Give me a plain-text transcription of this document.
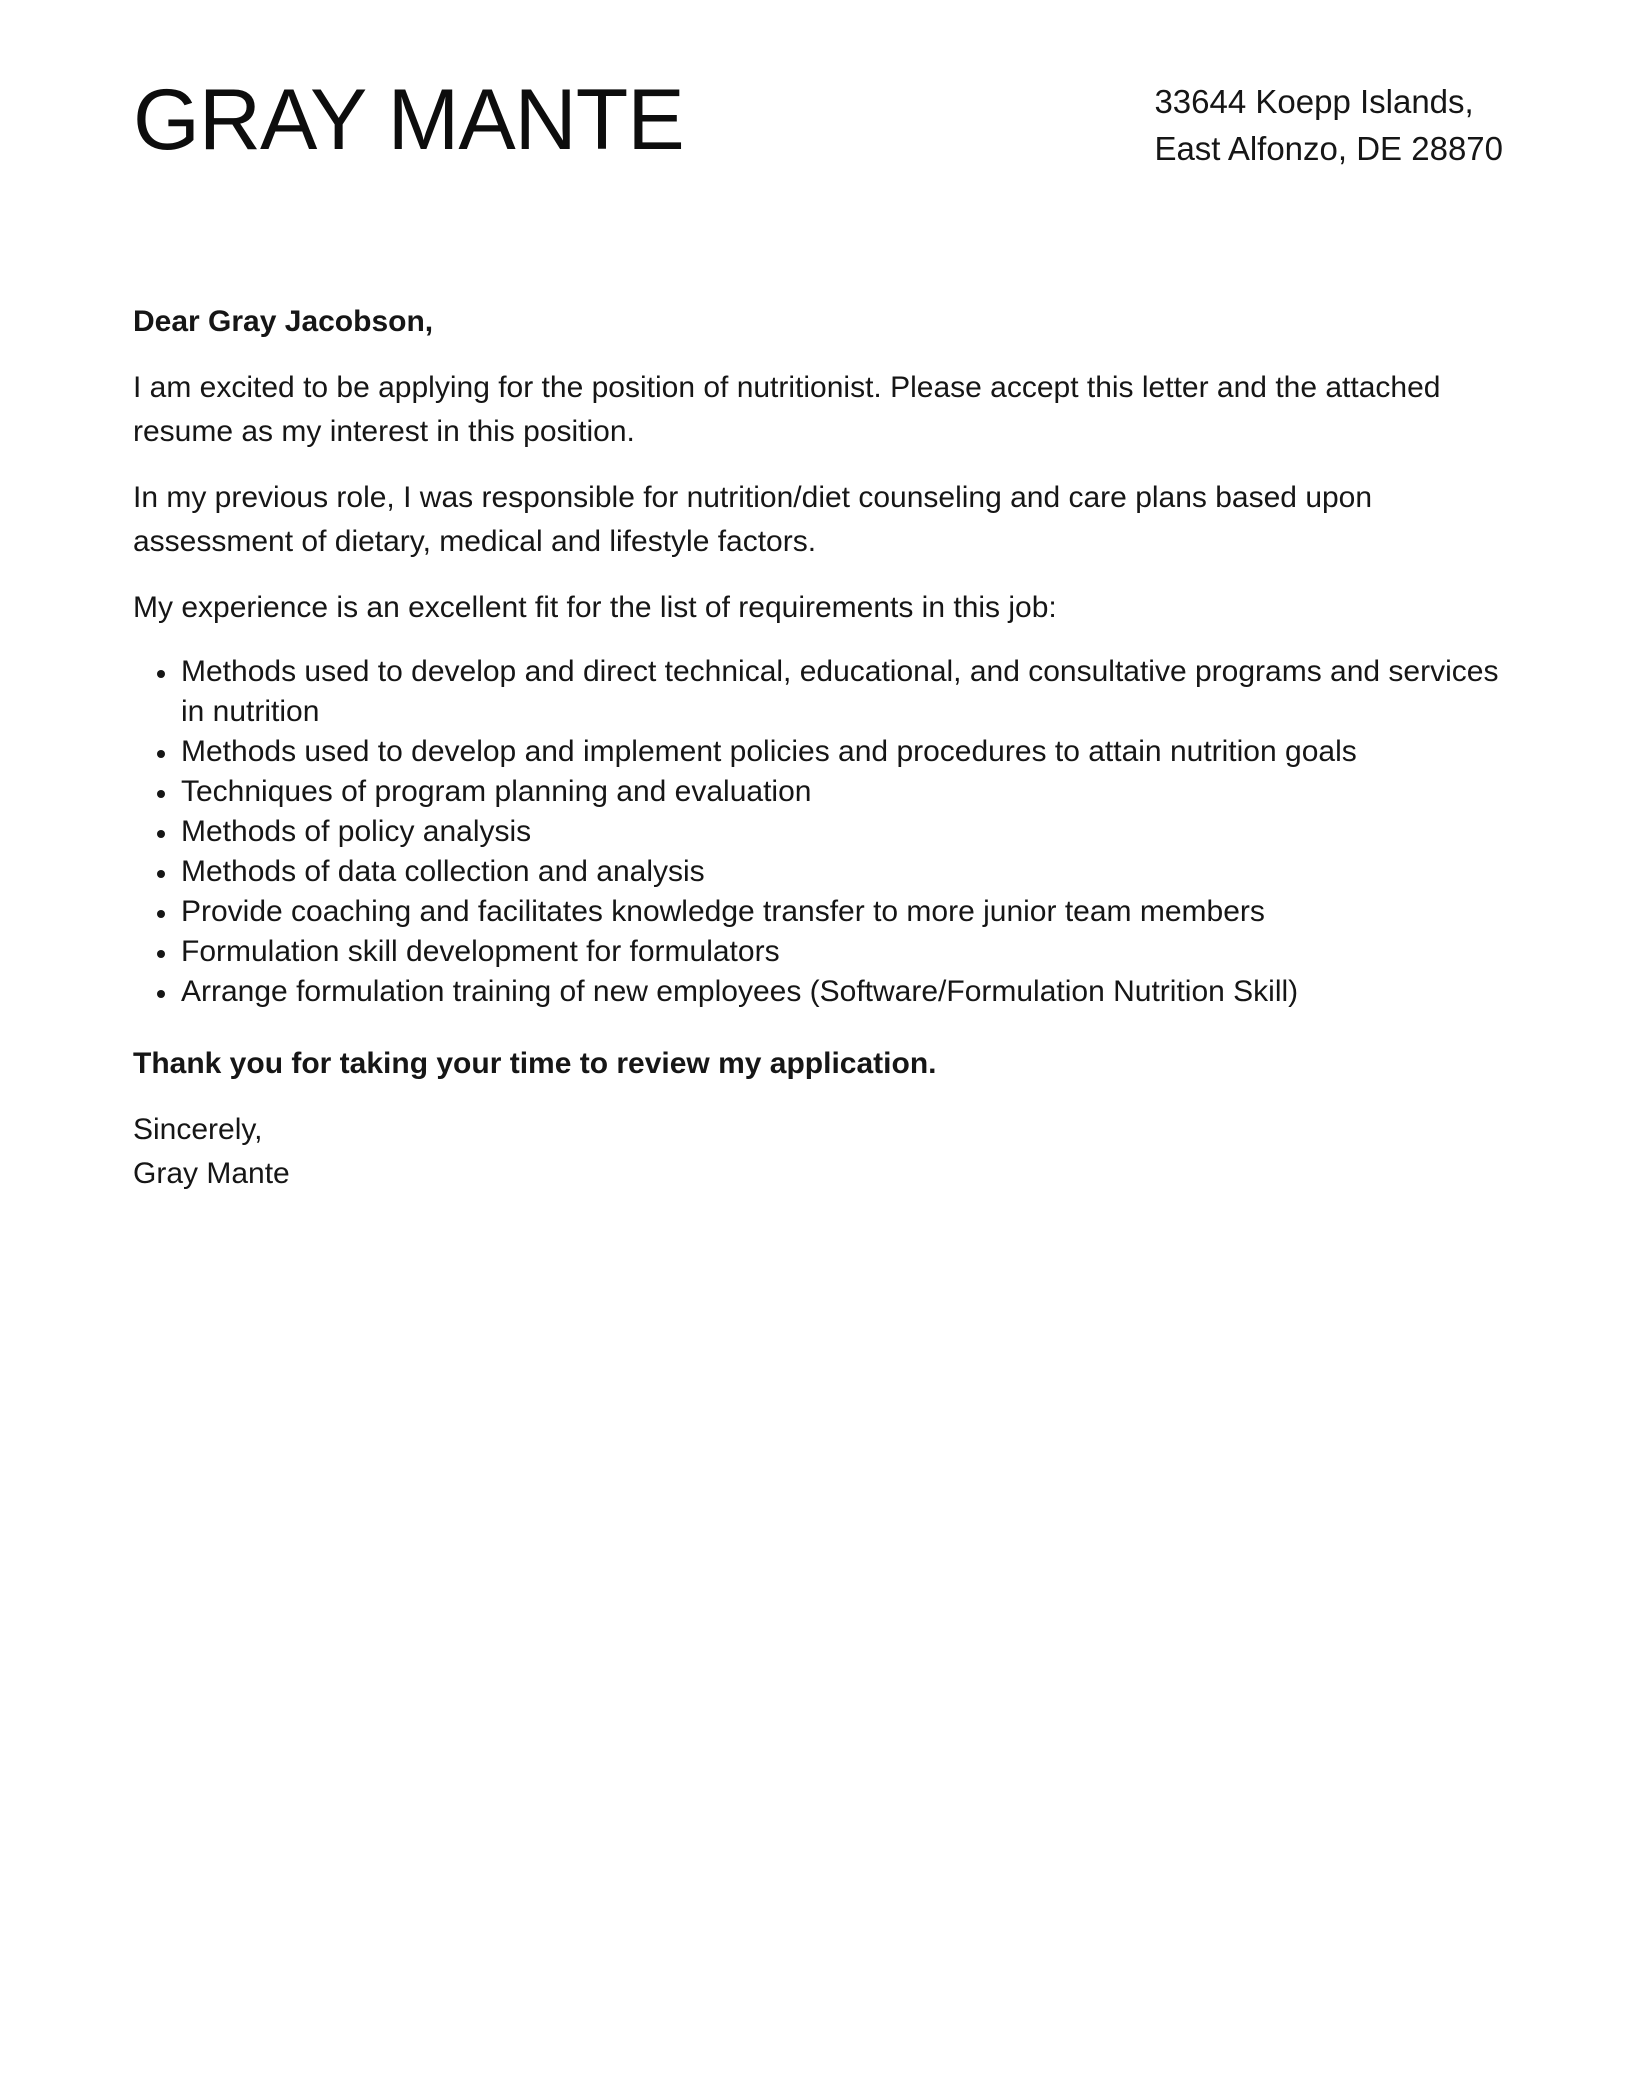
GRAY MANTE	33644 Koepp Islands,
East Alfonzo, DE 28870

Dear Gray Jacobson,

I am excited to be applying for the position of nutritionist. Please accept this letter and the attached resume as my interest in this position.

In my previous role, I was responsible for nutrition/diet counseling and care plans based upon assessment of dietary, medical and lifestyle factors.

My experience is an excellent fit for the list of requirements in this job:

Methods used to develop and direct technical, educational, and consultative programs and services in nutrition
Methods used to develop and implement policies and procedures to attain nutrition goals
Techniques of program planning and evaluation
Methods of policy analysis
Methods of data collection and analysis
Provide coaching and facilitates knowledge transfer to more junior team members
Formulation skill development for formulators
Arrange formulation training of new employees (Software/Formulation Nutrition Skill)

Thank you for taking your time to review my application.

Sincerely,
Gray Mante
